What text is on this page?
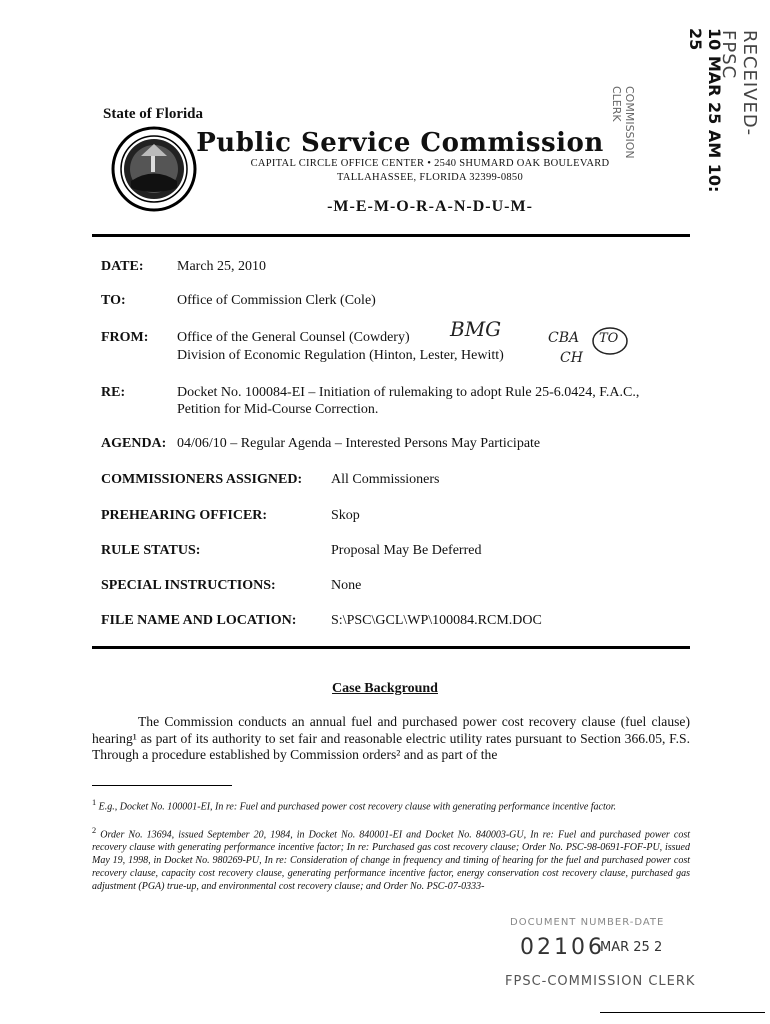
State of Florida
Public Service Commission
CAPITAL CIRCLE OFFICE CENTER • 2540 SHUMARD OAK BOULEVARD
TALLAHASSEE, FLORIDA 32399-0850
-M-E-M-O-R-A-N-D-U-M-
RECEIVED-FPSC
10 MAR 25 AM 10: 25
COMMISSION CLERK
DATE: March 25, 2010
TO:	Office of Commission Clerk (Cole)
FROM: Office of the General Counsel (Cowdery)
Division of Economic Regulation (Hinton, Lester, Hewitt)
BMG	CBA
CH
TO
RE:	Docket No. 100084-EI – Initiation of rulemaking to adopt Rule 25-6.0424, F.A.C.,
Petition for Mid-Course Correction.
AGENDA: 04/06/10 – Regular Agenda – Interested Persons May Participate
COMMISSIONERS ASSIGNED: All Commissioners
PREHEARING OFFICER:	Skop
RULE STATUS:	Proposal May Be Deferred
SPECIAL INSTRUCTIONS:	None
FILE NAME AND LOCATION: S:\PSC\GCL\WP\100084.RCM.DOC
Case Background
The Commission conducts an annual fuel and purchased power cost recovery clause (fuel clause) hearing¹ as part of its authority to set fair and reasonable electric utility rates pursuant to Section 366.05, F.S. Through a procedure established by Commission orders² and as part of the
$^1$ E.g., Docket No. 100001-EI, In re: Fuel and purchased power cost recovery clause with generating performance incentive factor.
$^2$ Order No. 13694, issued September 20, 1984, in Docket No. 840001-EI and Docket No. 840003-GU, In re: Fuel and purchased power cost recovery clause with generating performance incentive factor; In re: Purchased gas cost recovery clause; Order No. PSC-98-0691-FOF-PU, issued May 19, 1998, in Docket No. 980269-PU, In re: Consideration of change in frequency and timing of hearing for the fuel and purchased power cost recovery clause, capacity cost recovery clause, generating performance incentive factor, energy conservation cost recovery clause, purchased gas adjustment (PGA) true-up, and environmental cost recovery clause; and Order No. PSC-07-0333-
DOCUMENT NUMBER-DATE
02106
MAR 25 2
FPSC-COMMISSION CLERK
